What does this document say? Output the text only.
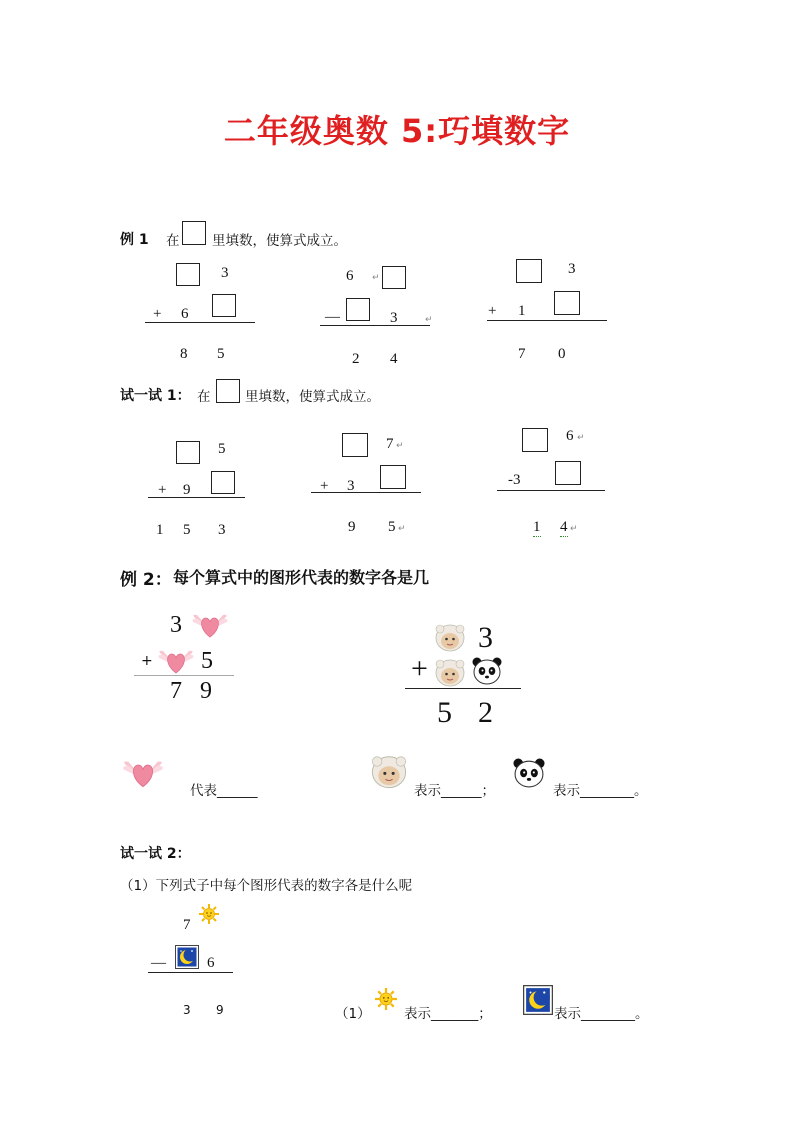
二年级奥数 5:巧填数字
例 1 在 里填数，使算式成立。
3
+ 6
8 5
6 ↵
—	3	↵
2 4
3
+ 1
7 0
试一试 1： 在	里填数，使算式成立。
5
+ 9
1 5 3
7 ↵
+ 3
9 5 ↵
6 ↵
-3
1 4 ↵
例 2： 每个算式中的图形代表的数字各是几
3
+ 5
7 9
3
+
5 2
代表______	表示______；	表示________。
试一试 2：
（1）下列式子中每个图形代表的数字各是什么呢
7
—	6
3 9	（1） 表示_______；	表示________。
